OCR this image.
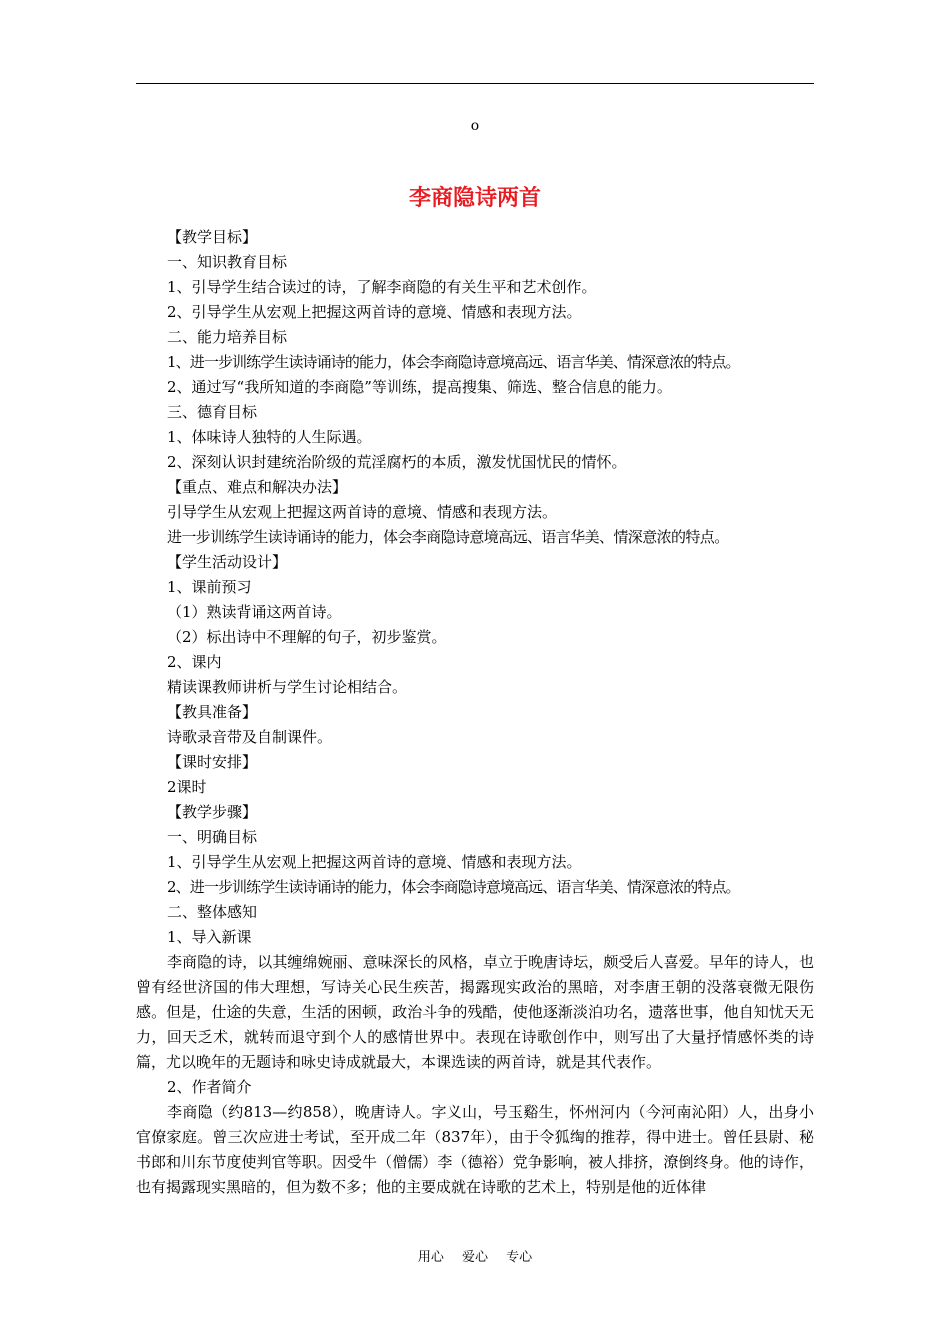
o
李商隐诗两首
【教学目标】
一、知识教育目标
1、引导学生结合读过的诗，了解李商隐的有关生平和艺术创作。
2、引导学生从宏观上把握这两首诗的意境、情感和表现方法。
二、能力培养目标
1、进一步训练学生读诗诵诗的能力，体会李商隐诗意境高远、语言华美、情深意浓的特点。
2、通过写“我所知道的李商隐”等训练，提高搜集、筛选、整合信息的能力。
三、德育目标
1、体味诗人独特的人生际遇。
2、深刻认识封建统治阶级的荒淫腐朽的本质，激发忧国忧民的情怀。
【重点、难点和解决办法】
引导学生从宏观上把握这两首诗的意境、情感和表现方法。
进一步训练学生读诗诵诗的能力，体会李商隐诗意境高远、语言华美、情深意浓的特点。
【学生活动设计】
1、课前预习
（1）熟读背诵这两首诗。
（2）标出诗中不理解的句子，初步鉴赏。
2、课内
精读课教师讲析与学生讨论相结合。
【教具准备】
诗歌录音带及自制课件。
【课时安排】
2课时
【教学步骤】
一、明确目标
1、引导学生从宏观上把握这两首诗的意境、情感和表现方法。
2、进一步训练学生读诗诵诗的能力，体会李商隐诗意境高远、语言华美、情深意浓的特点。
二、整体感知
1、导入新课

李商隐的诗，以其缠绵婉丽、意味深长的风格，卓立于晚唐诗坛，颇受后人喜爱。早年的诗人，也曾有经世济国的伟大理想，写诗关心民生疾苦，揭露现实政治的黑暗，对李唐王朝的没落衰微无限伤感。但是，仕途的失意，生活的困顿，政治斗争的残酷，使他逐渐淡泊功名，遗落世事，他自知忧天无力，回天乏术，就转而退守到个人的感情世界中。表现在诗歌创作中，则写出了大量抒情感怀类的诗篇，尤以晚年的无题诗和咏史诗成就最大，本课选读的两首诗，就是其代表作。

2、作者简介

李商隐（约813—约858），晚唐诗人。字义山，号玉谿生，怀州河内（今河南沁阳）人，出身小官僚家庭。曾三次应进士考试，至开成二年（837年），由于令狐绹的推荐，得中进士。曾任县尉、秘书郎和川东节度使判官等职。因受牛（僧儒）李（德裕）党争影响，被人排挤，潦倒终身。他的诗作，也有揭露现实黑暗的，但为数不多；他的主要成就在诗歌的艺术上，特别是他的近体律

用心 爱心 专心
